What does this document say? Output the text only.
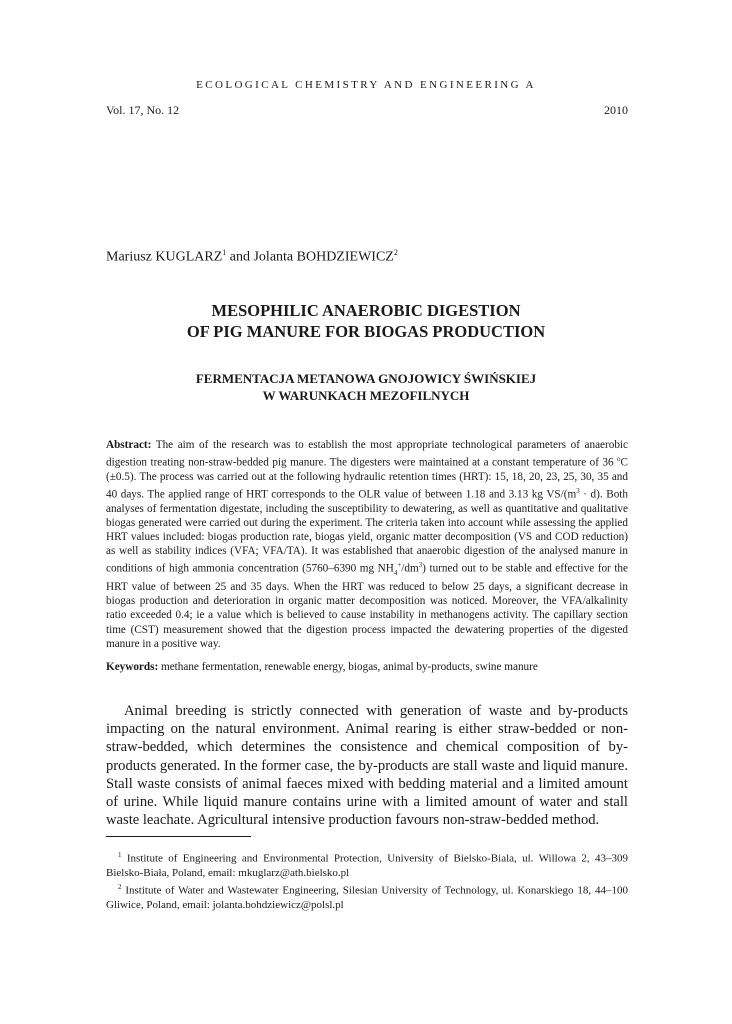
ECOLOGICAL CHEMISTRY AND ENGINEERING A
Vol. 17, No. 12	2010
Mariusz KUGLARZ$^1$ and Jolanta BOHDZIEWICZ$^2$
MESOPHILIC ANAEROBIC DIGESTION
OF PIG MANURE FOR BIOGAS PRODUCTION
FERMENTACJA METANOWA GNOJOWICY ŚWIŃSKIEJ
W WARUNKACH MEZOFILNYCH
Abstract: The aim of the research was to establish the most appropriate technological parameters of anaerobic digestion treating non-straw-bedded pig manure. The digesters were maintained at a constant temperature of 36 $^o$C (±0.5). The process was carried out at the following hydraulic retention times (HRT): 15, 18, 20, 23, 25, 30, 35 and 40 days. The applied range of HRT corresponds to the OLR value of between 1.18 and 3.13 kg $VS/(m^3 \cdot d)$. Both analyses of fermentation digestate, including the susceptibility to dewatering, as well as quantitative and qualitative biogas generated were carried out during the experiment. The criteria taken into account while assessing the applied HRT values included: biogas production rate, biogas yield, organic matter decomposition (VS and COD reduction) as well as stability indices (VFA; VFA/TA). It was established that anaerobic digestion of the analysed manure in conditions of high ammonia concentration (5760–6390 mg $NH_4^+/dm^3$) turned out to be stable and effective for the HRT value of between 25 and 35 days. When the HRT was reduced to below 25 days, a significant decrease in biogas production and deterioration in organic matter decomposition was noticed. Moreover, the VFA/alkalinity ratio exceeded 0.4; ie a value which is believed to cause instability in methanogens activity. The capillary section time (CST) measurement showed that the digestion process impacted the dewatering properties of the digested manure in a positive way.
Keywords: methane fermentation, renewable energy, biogas, animal by-products, swine manure
Animal breeding is strictly connected with generation of waste and by-products impacting on the natural environment. Animal rearing is either straw-bedded or non-straw-bedded, which determines the consistence and chemical composition of by-products generated. In the former case, the by-products are stall waste and liquid manure. Stall waste consists of animal faeces mixed with bedding material and a limited amount of urine. While liquid manure contains urine with a limited amount of water and stall waste leachate. Agricultural intensive production favours non-straw-bedded method.
$^1$ Institute of Engineering and Environmental Protection, University of Bielsko-Biala, ul. Willowa 2, 43–309 Bielsko-Biała, Poland, email: mkuglarz@ath.bielsko.pl
$^2$ Institute of Water and Wastewater Engineering, Silesian University of Technology, ul. Konarskiego 18, 44–100 Gliwice, Poland, email: jolanta.bohdziewicz@polsl.pl
